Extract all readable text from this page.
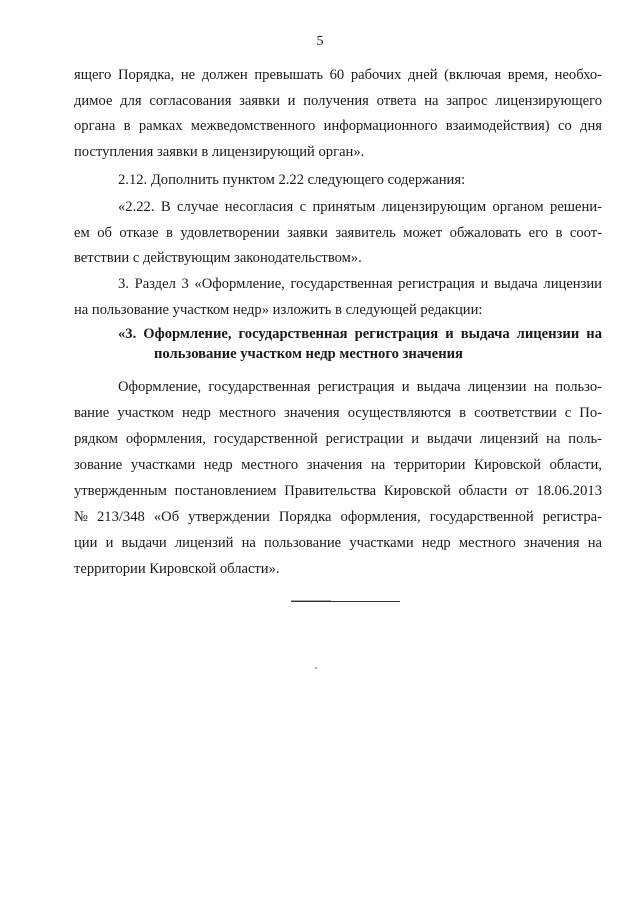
5
ящего Порядка, не должен превышать 60 рабочих дней (включая время, необхо-
димое для согласования заявки и получения ответа на запрос лицензирующего
органа в рамках межведомственного информационного взаимодействия) со дня
поступления заявки в лицензирующий орган».
2.12. Дополнить пунктом 2.22 следующего содержания:
«2.22. В случае несогласия с принятым лицензирующим органом решени-
ем об отказе в удовлетворении заявки заявитель может обжаловать его в соот-
ветствии с действующим законодательством».
3. Раздел 3 «Оформление, государственная регистрация и выдача лицензии
на пользование участком недр» изложить в следующей редакции:
«3. Оформление, государственная регистрация и выдача лицензии на
пользование участком недр местного значения
Оформление, государственная регистрация и выдача лицензии на пользо-
вание участком недр местного значения осуществляются в соответствии с По-
рядком оформления, государственной регистрации и выдачи лицензий на поль-
зование участками недр местного значения на территории Кировской области,
утвержденным постановлением Правительства Кировской области от 18.06.2013
№ 213/348 «Об утверждении Порядка оформления, государственной регистра-
ции и выдачи лицензий на пользование участками недр местного значения на
территории Кировской области».
